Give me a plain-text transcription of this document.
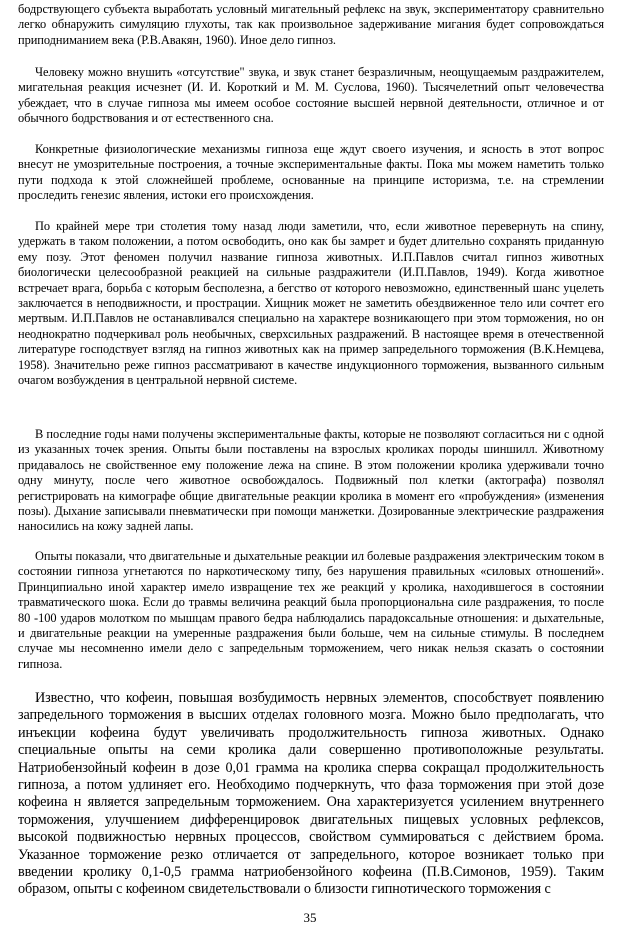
бодрствующего субъекта выработать условный мигательный рефлекс на звук, экспериментатору сравнительно легко обнаружить симуляцию глухоты, так как произвольное задерживание мигания будет сопровождаться приподниманием века (Р.В.Авакян, 1960). Иное дело гипноз.

Человеку можно внушить «отсутствие" звука, и звук станет безразличным, неощущаемым раздражителем, мигательная реакция исчезнет (И. И. Короткий и М. М. Суслова, 1960). Тысячелетний опыт человечества убеждает, что в случае гипноза мы имеем особое состояние высшей нервной деятельности, отличное и от обычного бодрствования и от естественного сна.

Конкретные физиологические механизмы гипноза еще ждут своего изучения, и ясность в этот вопрос внесут не умозрительные построения, а точные экспериментальные факты. Пока мы можем наметить только пути подхода к этой сложнейшей проблеме, основанные на принципе историзма, т.е. на стремлении проследить генезис явления, истоки его происхождения.

По крайней мере три столетия тому назад люди заметили, что, если животное перевернуть на спину, удержать в таком положении, а потом освободить, оно как бы замрет и будет длительно сохранять приданную ему позу. Этот феномен получил название гипноза животных. И.П.Павлов считал гипноз животных биологически целесообразной реакцией на сильные раздражители (И.П.Павлов, 1949). Когда животное встречает врага, борьба с которым бесполезна, а бегство от которого невозможно, единственный шанс уцелеть заключается в неподвижности, и прострации. Хищник может не заметить обездвиженное тело или сочтет его мертвым. И.П.Павлов не останавливался специально на характере возникающего при этом торможения, но он неоднократно подчеркивал роль необычных, сверхсильных раздражений. В настоящее время в отечественной литературе господствует взгляд на гипноз животных как на пример запредельного торможения (В.К.Немцева, 1958). Значительно реже гипноз рассматривают в качестве индукционного торможения, вызванного сильным очагом возбуждения в центральной нервной системе.

В последние годы нами получены экспериментальные факты, которые не позволяют согласиться ни с одной из указанных точек зрения. Опыты были поставлены на взрослых кроликах породы шиншилл. Животному придавалось не свойственное ему положение лежа на спине. В этом положении кролика удерживали точно одну минуту, после чего животное освобождалось. Подвижный пол клетки (актографа) позволял регистрировать на кимографе общие двигательные реакции кролика в момент его «пробуждения» (изменения позы). Дыхание записывали пневматически при помощи манжетки. Дозированные электрические раздражения наносились на кожу задней лапы.

Опыты показали, что двигательные и дыхательные реакции ил болевые раздражения электрическим током в состоянии гипноза угнетаются по наркотическому типу, без нарушения правильных «силовых отношений». Принципиально иной характер имело извращение тех же реакций у кролика, находившегося в состоянии травматического шока. Если до травмы величина реакций была пропорциональна силе раздражения, то после 80 -100 ударов молотком по мышцам правого бедра наблюдались парадоксальные отношения: и дыхательные, и двигательные реакции на умеренные раздражения были больше, чем на сильные стимулы. В последнем случае мы несомненно имели дело с запредельным торможением, чего никак нельзя сказать о состоянии гипноза.

Известно, что кофеин, повышая возбудимость нервных элементов, способствует появлению запредельного торможения в высших отделах головного мозга. Можно было предполагать, что инъекции кофеина будут увеличивать продолжительность гипноза животных. Однако специальные опыты на семи кролика дали совершенно противоположные результаты. Натриобензойный кофеин в дозе 0,01 грамма на кролика сперва сокращал продолжительность гипноза, а потом удлиняет его. Необходимо подчеркнуть, что фаза торможения при этой дозе кофеина н является запредельным торможением. Она характеризуется усилением внутреннего торможения, улучшением дифференцировок двигательных пищевых условных рефлексов, высокой подвижностью нервных процессов, свойством суммироваться с действием брома. Указанное торможение резко отличается от запредельного, которое возникает только при введении кролику 0,1-0,5 грамма натриобензойного кофеина (П.В.Симонов, 1959). Таким образом, опыты с кофеином свидетельствовали о близости гипнотического торможения с

35
